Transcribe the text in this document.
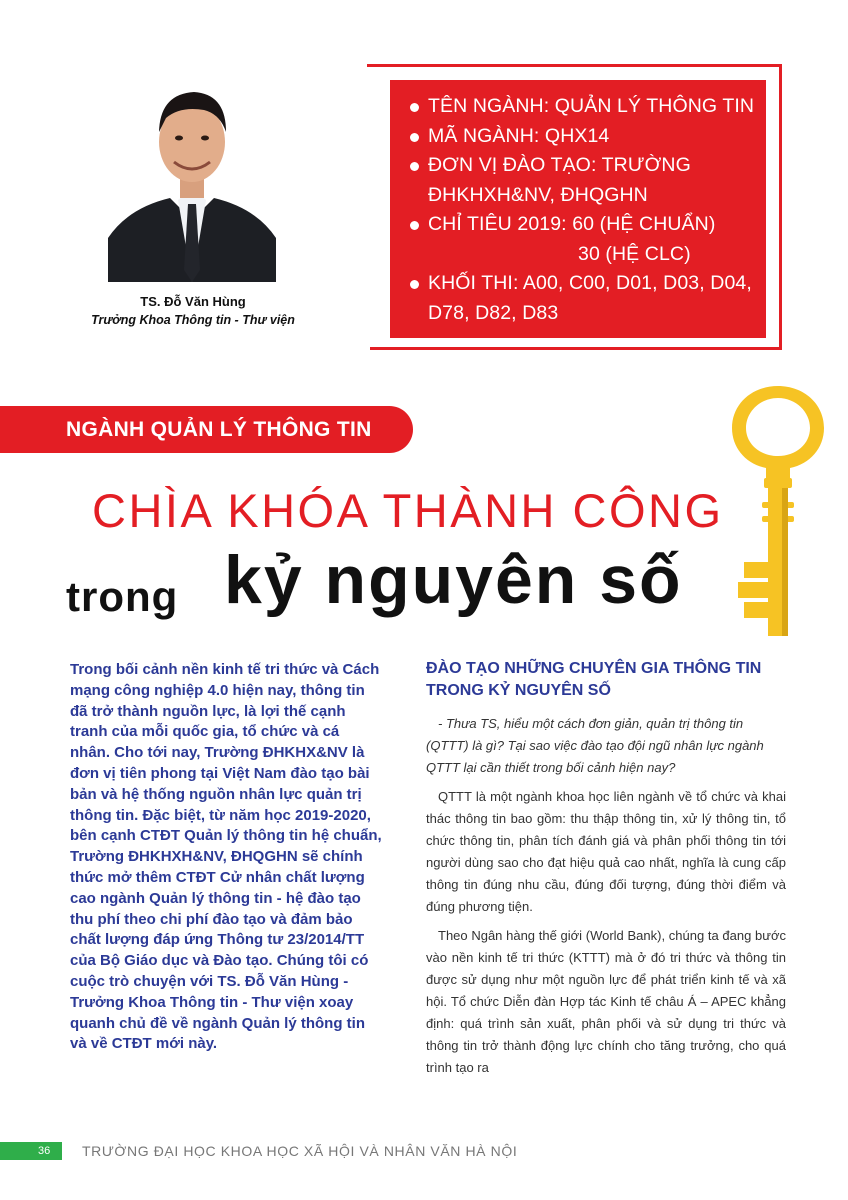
TS. Đỗ Văn Hùng
Trưởng Khoa Thông tin - Thư viện
TÊN NGÀNH: QUẢN LÝ THÔNG TIN
MÃ NGÀNH: QHX14
ĐƠN VỊ ĐÀO TẠO: TRƯỜNG
ĐHKHXH&NV, ĐHQGHN
CHỈ TIÊU 2019: 60 (HỆ CHUẨN)
30 (HỆ CLC)
KHỐI THI: A00, C00, D01, D03, D04,
D78, D82, D83
NGÀNH QUẢN LÝ THÔNG TIN
CHÌA KHÓA THÀNH CÔNG
trong kỷ nguyên số
Trong bối cảnh nền kinh tế tri thức và Cách mạng công nghiệp 4.0 hiện nay, thông tin đã trở thành nguồn lực, là lợi thế cạnh tranh của mỗi quốc gia, tổ chức và cá nhân. Cho tới nay, Trường ĐHKHX&NV là đơn vị tiên phong tại Việt Nam đào tạo bài bản và hệ thống nguồn nhân lực quản trị thông tin. Đặc biệt, từ năm học 2019-2020, bên cạnh CTĐT Quản lý thông tin hệ chuẩn, Trường ĐHKHXH&NV, ĐHQGHN sẽ chính thức mở thêm CTĐT Cử nhân chất lượng cao ngành Quản lý thông tin - hệ đào tạo thu phí theo chi phí đào tạo và đảm bảo chất lượng đáp ứng Thông tư 23/2014/TT của Bộ Giáo dục và Đào tạo. Chúng tôi có cuộc trò chuyện với TS. Đỗ Văn Hùng - Trưởng Khoa Thông tin - Thư viện xoay quanh chủ đề về ngành Quản lý thông tin và về CTĐT mới này.
ĐÀO TẠO NHỮNG CHUYÊN GIA THÔNG TIN TRONG KỶ NGUYÊN SỐ

- Thưa TS, hiểu một cách đơn giản, quản trị thông tin (QTTT) là gì? Tại sao việc đào tạo đội ngũ nhân lực ngành QTTT lại cần thiết trong bối cảnh hiện nay?

QTTT là một ngành khoa học liên ngành về tổ chức và khai thác thông tin bao gồm: thu thập thông tin, xử lý thông tin, tổ chức thông tin, phân tích đánh giá và phân phối thông tin tới người dùng sao cho đạt hiệu quả cao nhất, nghĩa là cung cấp thông tin đúng nhu cầu, đúng đối tượng, đúng thời điểm và đúng phương tiện.

Theo Ngân hàng thế giới (World Bank), chúng ta đang bước vào nền kinh tế tri thức (KTTT) mà ở đó tri thức và thông tin được sử dụng như một nguồn lực để phát triển kinh tế và xã hội. Tổ chức Diễn đàn Hợp tác Kinh tế châu Á – APEC khẳng định: quá trình sản xuất, phân phối và sử dụng tri thức và thông tin trở thành động lực chính cho tăng trưởng, cho quá trình tạo ra

36 TRƯỜNG ĐẠI HỌC KHOA HỌC XÃ HỘI VÀ NHÂN VĂN HÀ NỘI
